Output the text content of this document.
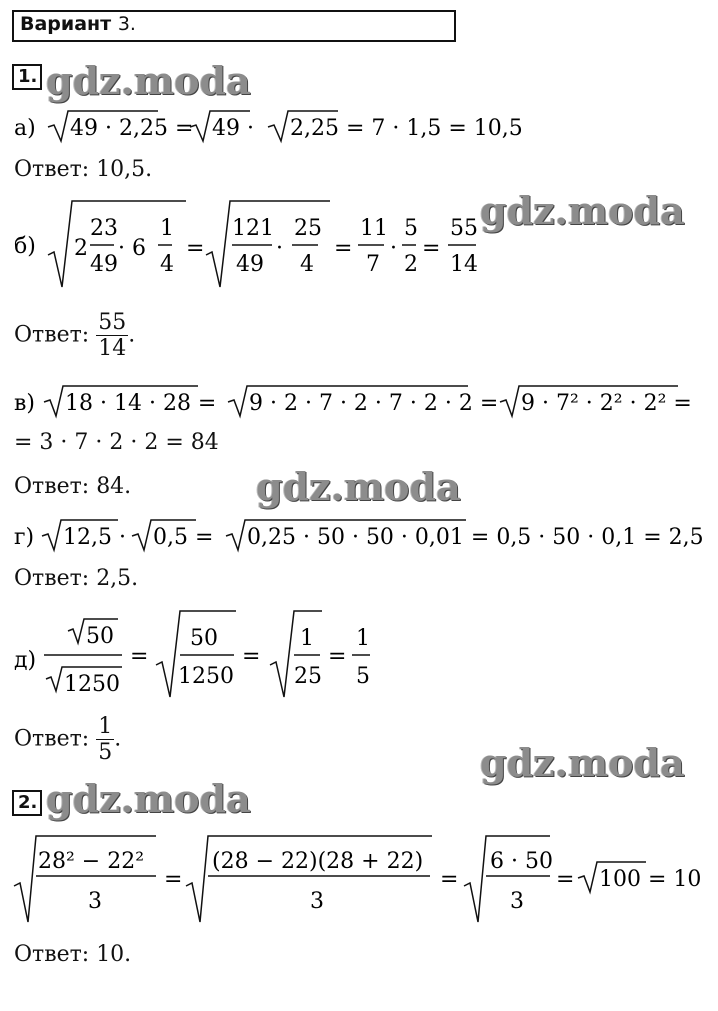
Вариант 3.
1. gdz.moda
а) 49 · 2,25 = 49 · 2,25 = 7 · 1,5 = 10,5
Ответ: 10,5.
б) 2
23
49
· 6
1
4
=
121
49
·
25
4
=
11
7
·
5
2
=
55
14
gdz.moda
Ответ: $\frac{55}{14}$ .
в) 18 · 14 · 28 = 9 · 2 · 7 · 2 · 7 · 2 · 2 = 9 · 7² · 2² · 2² =
= 3 · 7 · 2 · 2 = 84
Ответ: 84.	gdz.moda
г) 12,5 · 0,5 = 0,25 · 50 · 50 · 0,01 = 0,5 · 50 · 0,1 = 2,5
Ответ: 2,5.
д)
50
1250
=
50
1250
=
1
25
=
1
5
Ответ: $\frac{1}{5}$ .
gdz.moda
2. gdz.moda
28² − 22²
3
=
(28 − 22)(28 + 22)
3
=
6 · 50
3
= 100 = 10
Ответ: 10.
